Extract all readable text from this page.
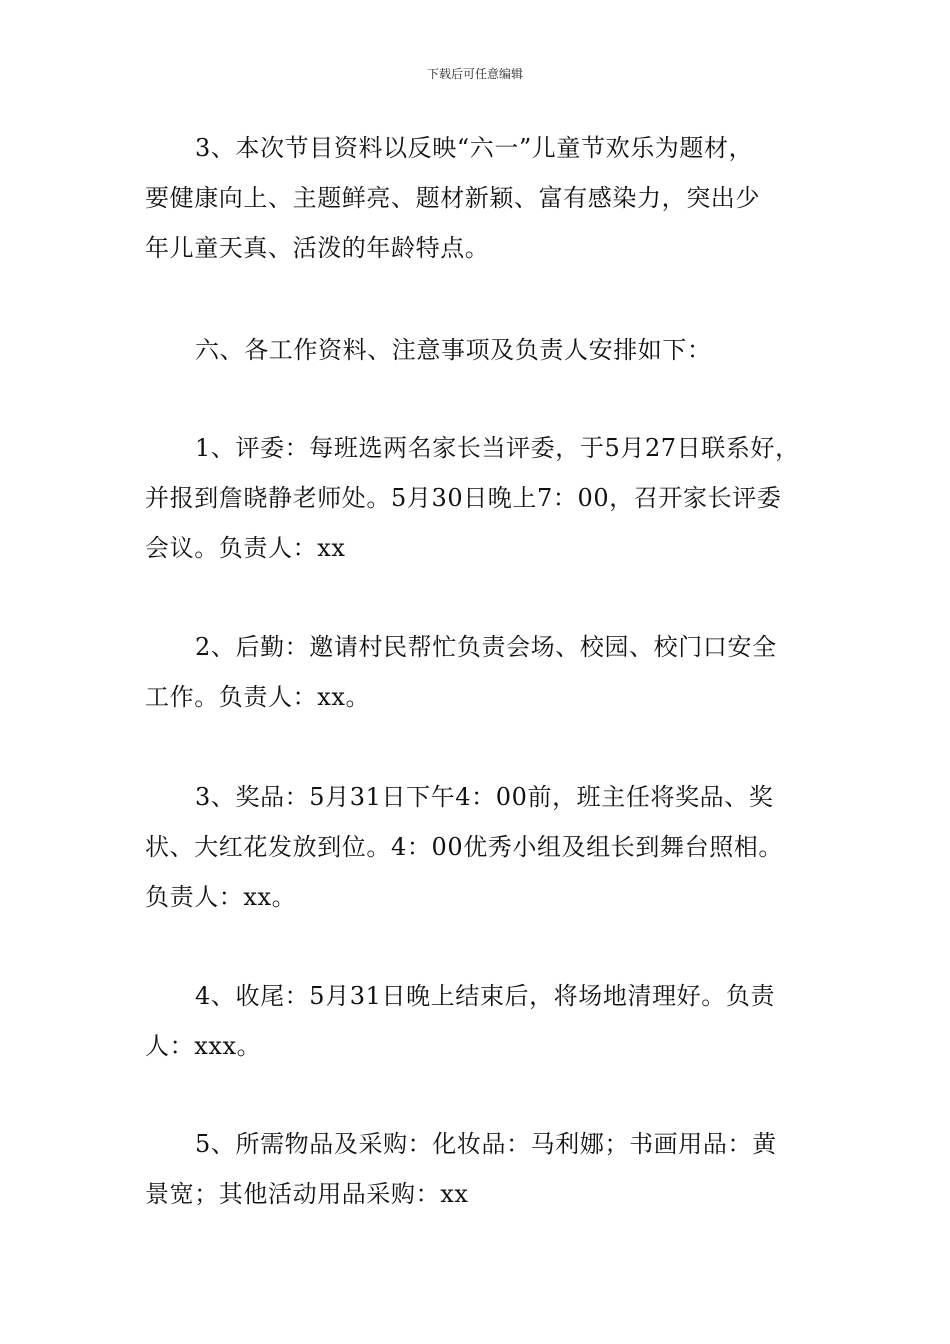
下载后可任意编辑
3、本次节目资料以反映“六一”儿童节欢乐为题材，
要健康向上、主题鲜亮、题材新颖、富有感染力，突出少
年儿童天真、活泼的年龄特点。
六、各工作资料、注意事项及负责人安排如下：
1、评委：每班选两名家长当评委，于5月27日联系好，
并报到詹晓静老师处。5月30日晚上7：00，召开家长评委
会议。负责人：xx
2、后勤：邀请村民帮忙负责会场、校园、校门口安全
工作。负责人：xx。
3、奖品：5月31日下午4：00前，班主任将奖品、奖
状、大红花发放到位。4：00优秀小组及组长到舞台照相。
负责人：xx。
4、收尾：5月31日晚上结束后，将场地清理好。负责
人：xxx。
5、所需物品及采购：化妆品：马利娜；书画用品：黄
景宽；其他活动用品采购：xx
